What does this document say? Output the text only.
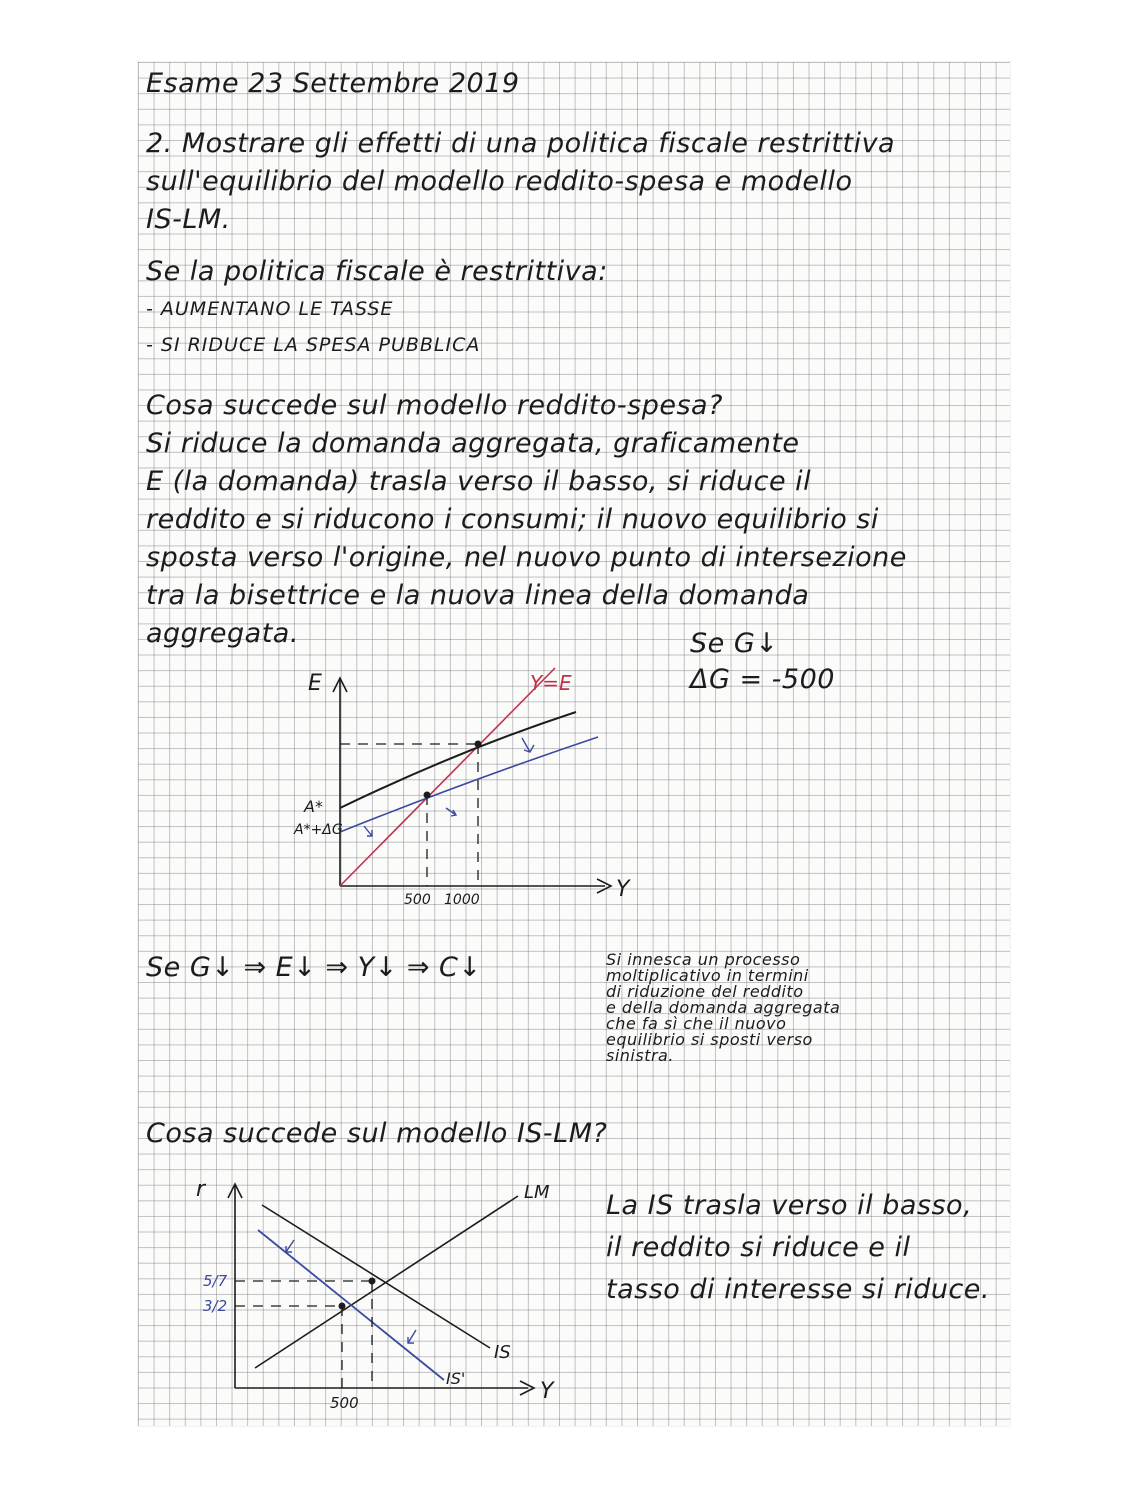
Esame 23 Settembre 2019
2. Mostrare gli effetti di una politica fiscale restrittiva
sull'equilibrio del modello reddito-spesa e modello
IS-LM.
Se la politica fiscale è restrittiva:
- AUMENTANO LE TASSE
- SI RIDUCE LA SPESA PUBBLICA
Cosa succede sul modello reddito-spesa?
Si riduce la domanda aggregata, graficamente
E (la domanda) trasla verso il basso, si riduce il
reddito e si riducono i consumi; il nuovo equilibrio si
sposta verso l'origine, nel nuovo punto di intersezione
tra la bisettrice e la nuova linea della domanda
aggregata.	Se G↓
ΔG = -500
E
Y
Y=E
A*
A*+ΔG
500 1000
Se G↓ ⇒ E↓ ⇒ Y↓ ⇒ C↓	Si innesca un processo
moltiplicativo in termini
di riduzione del reddito
e della domanda aggregata
che fa sì che il nuovo
equilibrio si sposti verso
sinistra.
Cosa succede sul modello IS-LM?
r
Y
LM
IS
IS'
5/7
3/2
500
La IS trasla verso il basso,
il reddito si riduce e il
tasso di interesse si riduce.
